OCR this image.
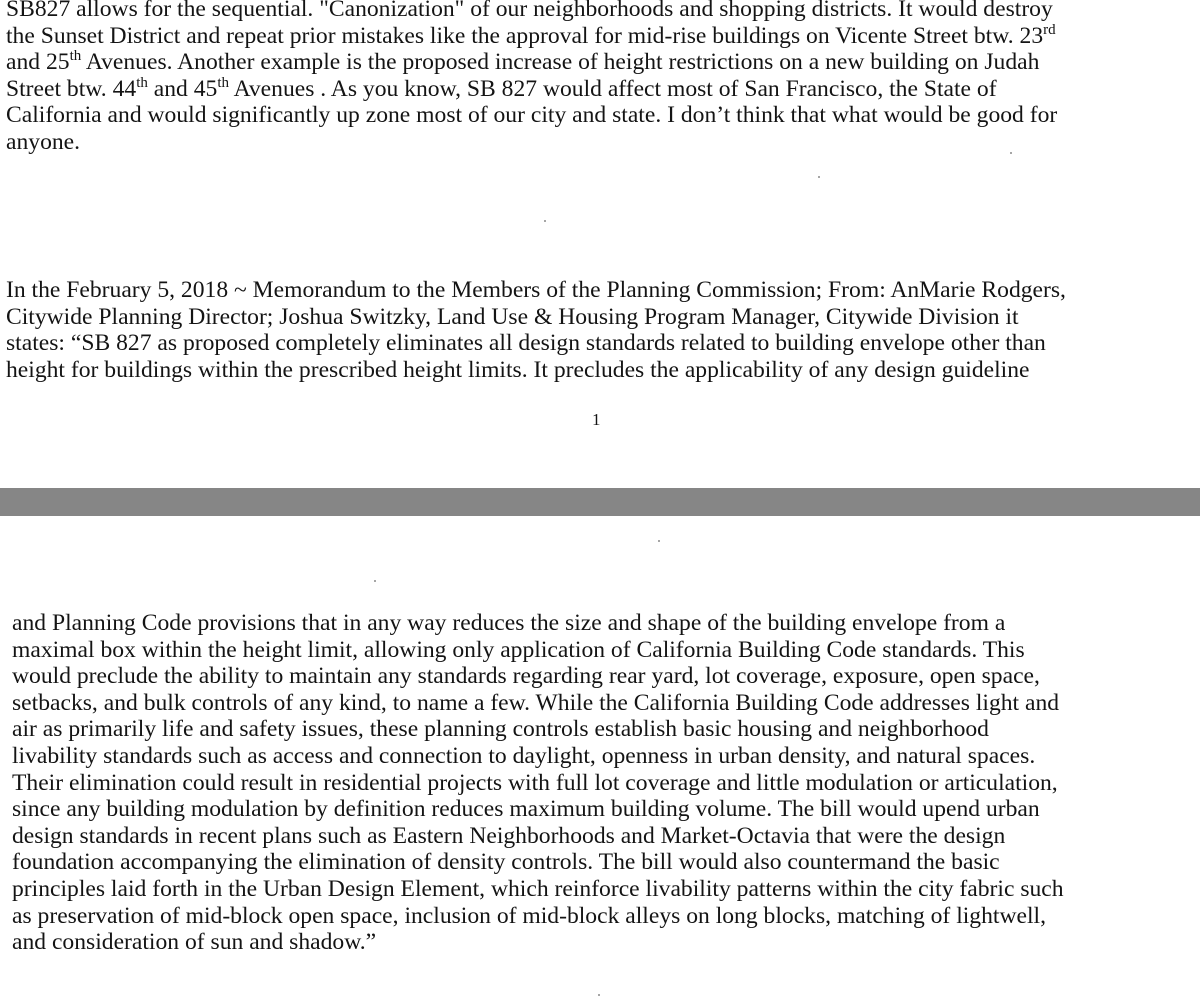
SB827 allows for the sequential. "Canonization" of our neighborhoods and shopping districts. It would destroy
the Sunset District and repeat prior mistakes like the approval for mid-rise buildings on Vicente Street btw. 23rd
and 25th Avenues. Another example is the proposed increase of height restrictions on a new building on Judah
Street btw. 44th and 45th Avenues . As you know, SB 827 would affect most of San Francisco, the State of
California and would significantly up zone most of our city and state. I don’t think that what would be good for
anyone.
In the February 5, 2018 ~ Memorandum to the Members of the Planning Commission; From: AnMarie Rodgers,
Citywide Planning Director; Joshua Switzky, Land Use & Housing Program Manager, Citywide Division it
states: “SB 827 as proposed completely eliminates all design standards related to building envelope other than
height for buildings within the prescribed height limits. It precludes the applicability of any design guideline
1
and Planning Code provisions that in any way reduces the size and shape of the building envelope from a
maximal box within the height limit, allowing only application of California Building Code standards. This
would preclude the ability to maintain any standards regarding rear yard, lot coverage, exposure, open space,
setbacks, and bulk controls of any kind, to name a few. While the California Building Code addresses light and
air as primarily life and safety issues, these planning controls establish basic housing and neighborhood
livability standards such as access and connection to daylight, openness in urban density, and natural spaces.
Their elimination could result in residential projects with full lot coverage and little modulation or articulation,
since any building modulation by definition reduces maximum building volume. The bill would upend urban
design standards in recent plans such as Eastern Neighborhoods and Market-Octavia that were the design
foundation accompanying the elimination of density controls. The bill would also countermand the basic
principles laid forth in the Urban Design Element, which reinforce livability patterns within the city fabric such
as preservation of mid-block open space, inclusion of mid-block alleys on long blocks, matching of lightwell,
and consideration of sun and shadow.”
